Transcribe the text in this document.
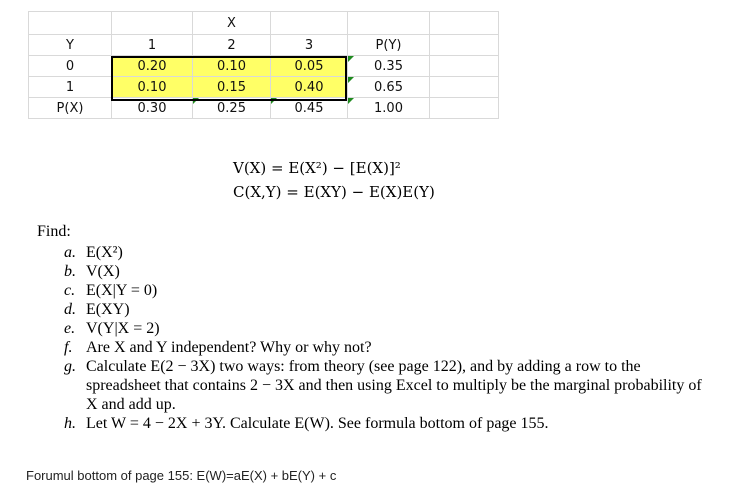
		X			
Y	1	2	3	P(Y)	
0	0.20	0.10	0.05	0.35	
1	0.10	0.15	0.40	0.65	
P(X)	0.30	0.25	0.45	1.00	
V(X) = E(X²) − [E(X)]²
C(X,Y) = E(XY) − E(X)E(Y)
Find:
a. E(X²)
b. V(X)
c. E(X|Y = 0)
d. E(XY)
e. V(Y|X = 2)
f. Are X and Y independent? Why or why not?
g. Calculate E(2 − 3X) two ways: from theory (see page 122), and by adding a row to the spreadsheet that contains 2 − 3X and then using Excel to multiply be the marginal probability of X and add up.
h. Let W = 4 − 2X + 3Y. Calculate E(W). See formula bottom of page 155.
Forumul bottom of page 155: E(W)=aE(X) + bE(Y) + c
